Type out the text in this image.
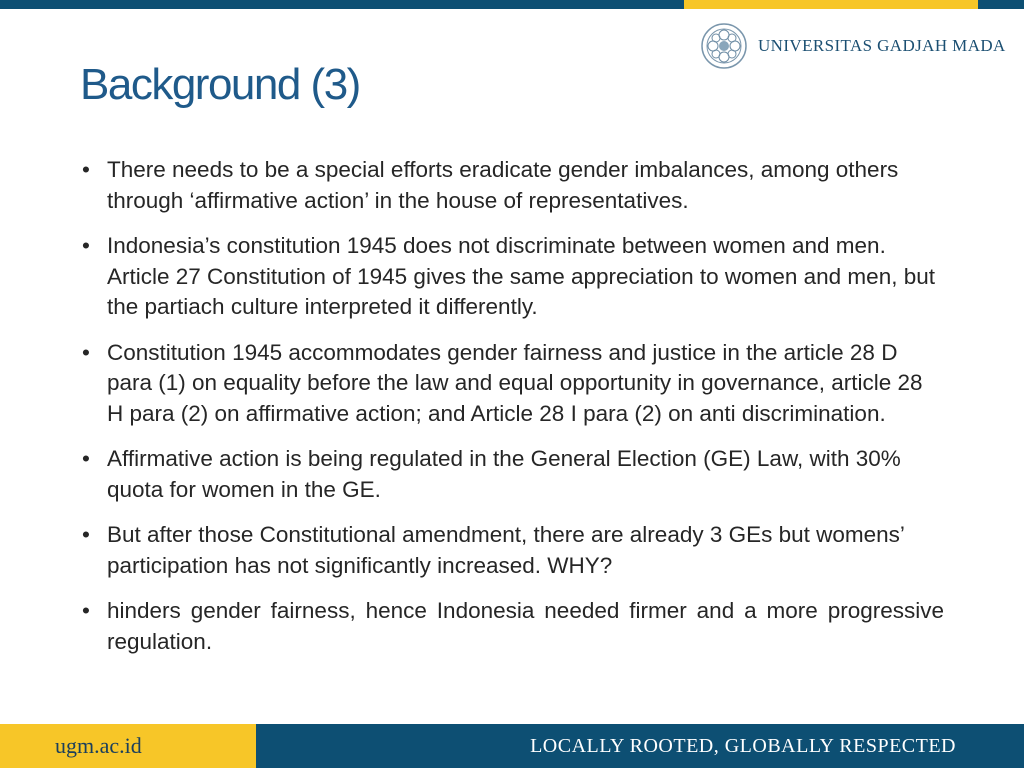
UNIVERSITAS GADJAH MADA
Background (3)
• There needs to be a special efforts eradicate gender imbalances, among others through ‘affirmative action’ in the house of representatives.
• Indonesia’s constitution 1945 does not discriminate between women and men. Article 27 Constitution of 1945 gives the same appreciation to women and men, but the partiach culture interpreted it differently.
• Constitution 1945 accommodates gender fairness and justice in the article 28 D para (1) on equality before the law and equal opportunity in governance, article 28 H para (2) on affirmative action; and Article 28 I para (2) on anti discrimination.
• Affirmative action is being regulated in the General Election (GE) Law, with 30% quota for women in the GE.
• But after those Constitutional amendment, there are already 3 GEs but womens’ participation has not significantly increased. WHY?
• hinders gender fairness, hence Indonesia needed firmer and a more progressive regulation.
ugm.ac.id	LOCALLY ROOTED, GLOBALLY RESPECTED
